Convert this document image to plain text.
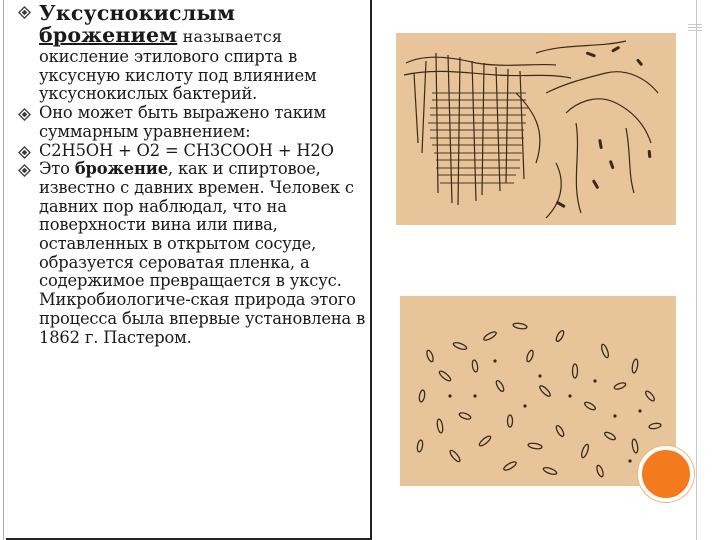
Уксуснокислым
брожением называется
окисление этилового спирта в уксусную кислоту под влиянием уксуснокислых бактерий.
Оно может быть выражено таким суммарным уравнением:
C2H5OH + O2 = CH3COOH + H2O
Это брожение, как и спиртовое, известно с давних времен. Человек с давних пор наблюдал, что на поверхности вина или пива, оставленных в открытом сосуде, образуется сероватая пленка, а содержимое превращается в уксус. Микробиологиче-ская природа этого процесса была впервые установлена в 1862 г. Пастером.
